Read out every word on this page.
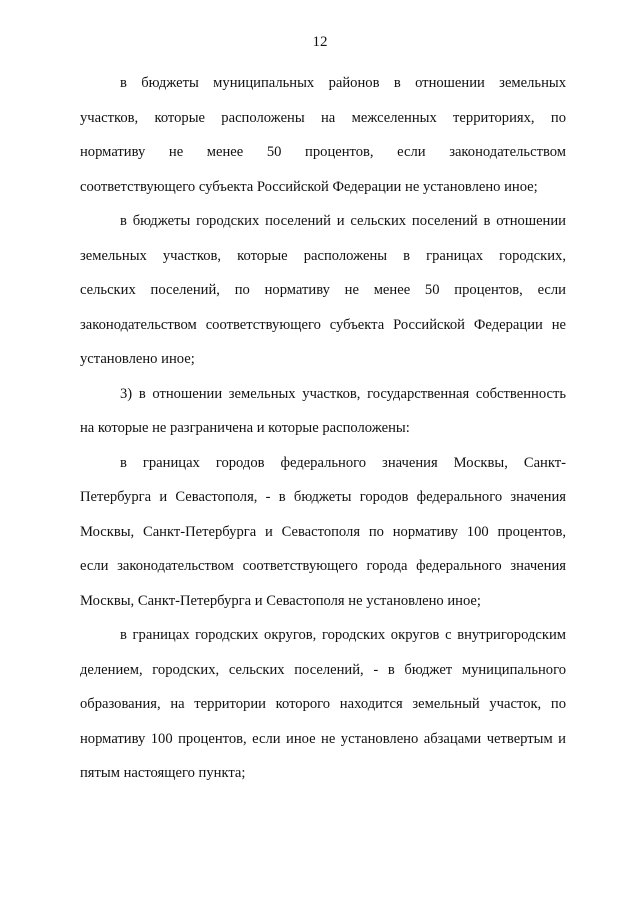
12
в бюджеты муниципальных районов в отношении земельных
участков, которые расположены на межселенных территориях, по
нормативу не менее 50 процентов, если законодательством
соответствующего субъекта Российской Федерации не установлено иное;
в бюджеты городских поселений и сельских поселений в отношении
земельных участков, которые расположены в границах городских,
сельских поселений, по нормативу не менее 50 процентов, если
законодательством соответствующего субъекта Российской Федерации не
установлено иное;
3) в отношении земельных участков, государственная собственность
на которые не разграничена и которые расположены:
в границах городов федерального значения Москвы, Санкт-
Петербурга и Севастополя, - в бюджеты городов федерального значения
Москвы, Санкт-Петербурга и Севастополя по нормативу 100 процентов,
если законодательством соответствующего города федерального значения
Москвы, Санкт-Петербурга и Севастополя не установлено иное;
в границах городских округов, городских округов с внутригородским
делением, городских, сельских поселений, - в бюджет муниципального
образования, на территории которого находится земельный участок, по
нормативу 100 процентов, если иное не установлено абзацами четвертым и
пятым настоящего пункта;
